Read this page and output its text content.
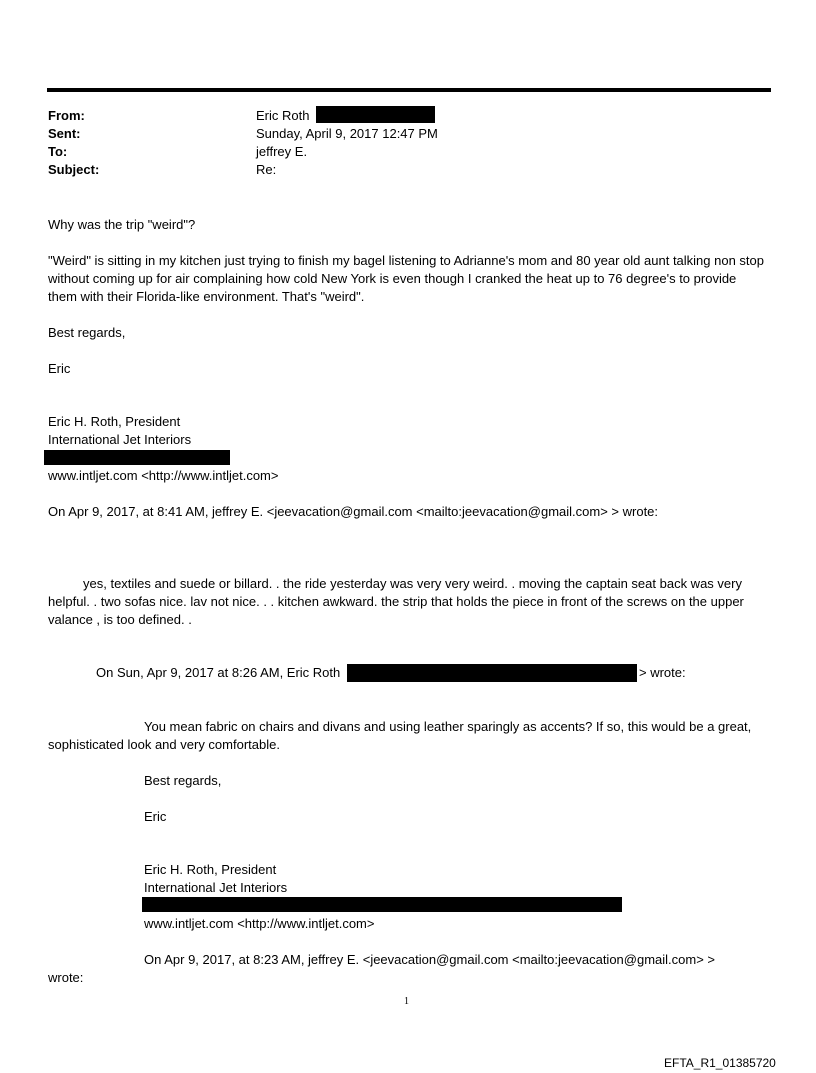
From:	Eric Roth
Sent:	Sunday, April 9, 2017 12:47 PM
To:	jeffrey E.
Subject:	Re:
Why was the trip "weird"?
"Weird" is sitting in my kitchen just trying to finish my bagel listening to Adrianne's mom and 80 year old aunt talking non stop without coming up for air complaining how cold New York is even though I cranked the heat up to 76 degree's to provide them with their Florida-like environment. That's "weird".
Best regards,
Eric
Eric H. Roth, President
International Jet Interiors
www.intljet.com <http://www.intljet.com>
On Apr 9, 2017, at 8:41 AM, jeffrey E. <jeevacation@gmail.com <mailto:jeevacation@gmail.com> > wrote:
yes, textiles and suede or billard. . the ride yesterday was very very weird. . moving the captain seat back was very helpful. . two sofas nice. lav not nice. . . kitchen awkward. the strip that holds the piece in front of the screws on the upper valance , is too defined. .
On Sun, Apr 9, 2017 at 8:26 AM, Eric Roth	> wrote:
You mean fabric on chairs and divans and using leather sparingly as accents? If so, this would be a great, sophisticated look and very comfortable.
Best regards,
Eric
Eric H. Roth, President
International Jet Interiors
www.intljet.com <http://www.intljet.com>
On Apr 9, 2017, at 8:23 AM, jeffrey E. <jeevacation@gmail.com <mailto:jeevacation@gmail.com> >
wrote:
1
EFTA_R1_01385720
